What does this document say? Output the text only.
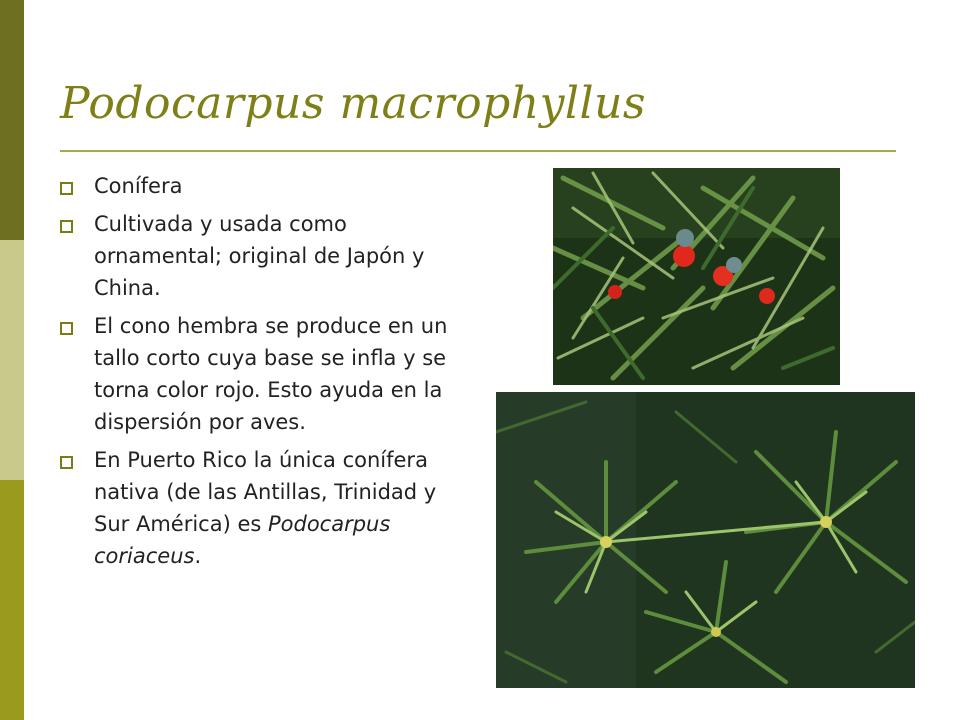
Podocarpus macrophyllus
Conífera
Cultivada y usada como ornamental; original de Japón y China.
El cono hembra se produce en un tallo corto cuya base se infla y se torna color rojo. Esto ayuda en la dispersión por aves.
En Puerto Rico la única conífera nativa (de las Antillas, Trinidad y Sur América) es Podocarpus coriaceus.
